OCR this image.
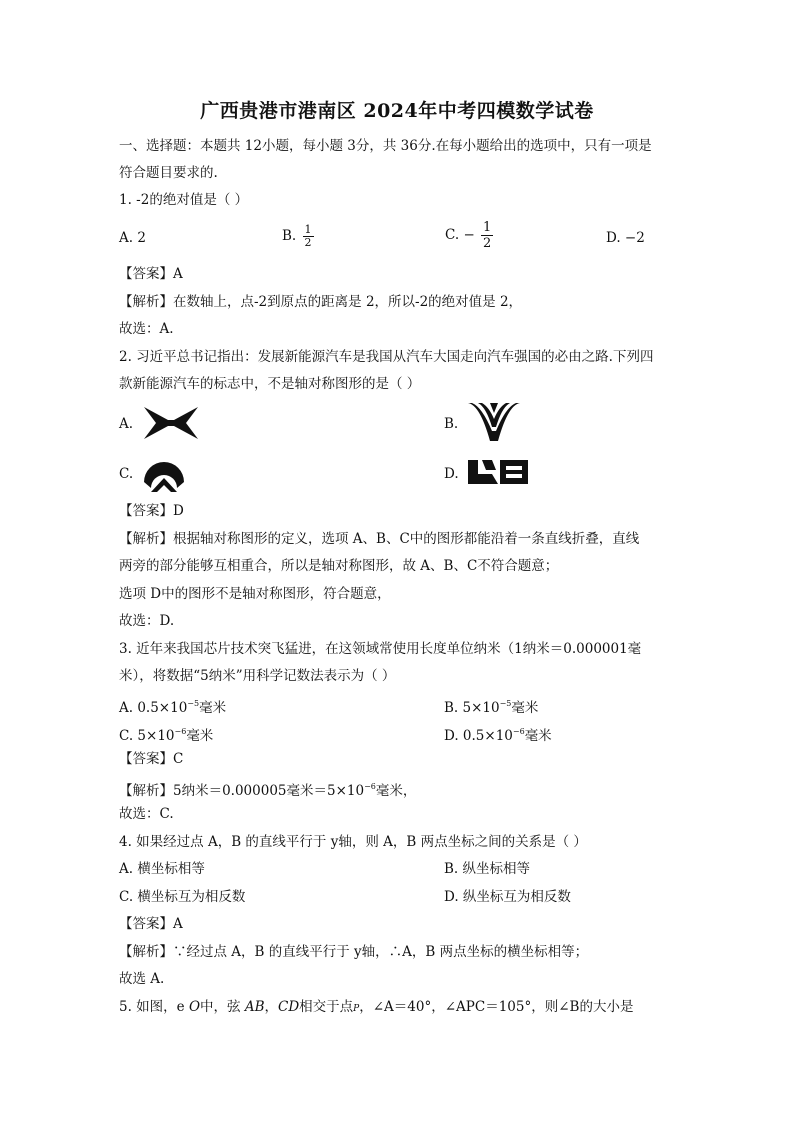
广西贵港市港南区 2024年中考四模数学试卷
一、选择题：本题共 12小题，每小题 3分，共 36分.在每小题给出的选项中，只有一项是
符合题目要求的.
1. -2的绝对值是（ ）
A. 2	B. $\frac{1}{2}$	C. − $\frac{1}{2}$	D. −2
【答案】A
【解析】在数轴上，点-2到原点的距离是 2，所以-2的绝对值是 2，
故选：A.
2. 习近平总书记指出：发展新能源汽车是我国从汽车大国走向汽车强国的必由之路.下列四
款新能源汽车的标志中，不是轴对称图形的是（ ）
A.	B.
C.	D.
【答案】D
【解析】根据轴对称图形的定义，选项 A、B、C中的图形都能沿着一条直线折叠，直线
两旁的部分能够互相重合，所以是轴对称图形，故 A、B、C不符合题意；
选项 D中的图形不是轴对称图形，符合题意，
故选：D.
3. 近年来我国芯片技术突飞猛进，在这领域常使用长度单位纳米（1纳米＝0.000001毫
米），将数据“5纳米”用科学记数法表示为（ ）
A. $0.5\times 10^{-5}$毫米	B. $5\times 10^{-5}$毫米
C. $5\times 10^{-6}$毫米	D. $0.5\times 10^{-6}$毫米
【答案】C
【解析】5纳米＝0.000005毫米$=5\times 10^{-6}$毫米，
故选：C.
4. 如果经过点 A，B 的直线平行于 y轴，则 A，B 两点坐标之间的关系是（ ）
A. 横坐标相等	B. 纵坐标相等
C. 横坐标互为相反数	D. 纵坐标互为相反数
【答案】A
【解析】∵经过点 A，B 的直线平行于 y轴，∴A，B 两点坐标的横坐标相等；
故选 A.
5. 如图，e O中，弦 AB，CD相交于点P，∠A＝40°，∠APC＝105°，则∠B的大小是
